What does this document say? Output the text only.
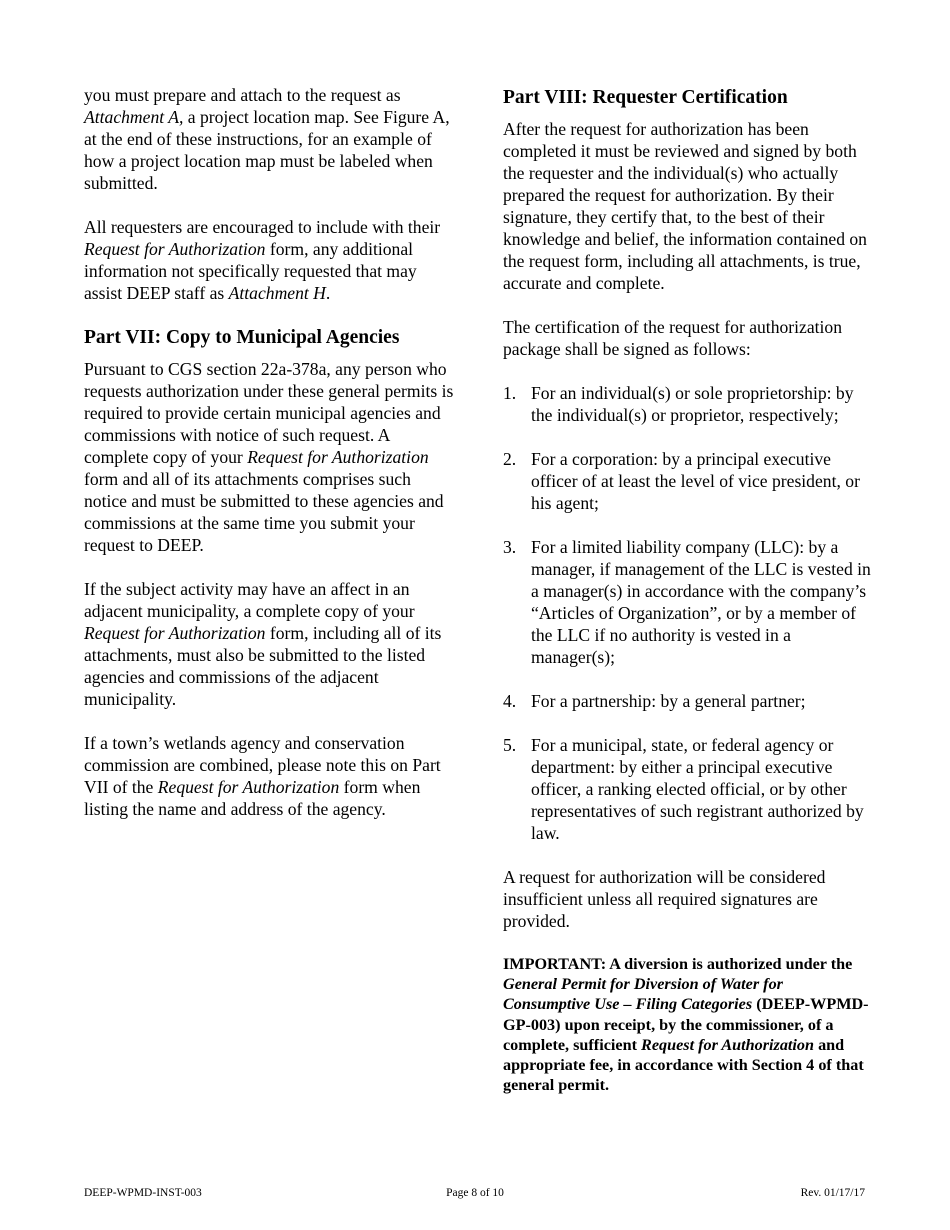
you must prepare and attach to the request as Attachment A, a project location map. See Figure A, at the end of these instructions, for an example of how a project location map must be labeled when submitted.

All requesters are encouraged to include with their Request for Authorization form, any additional information not specifically requested that may assist DEEP staff as Attachment H.

Part VII: Copy to Municipal Agencies

Pursuant to CGS section 22a-378a, any person who requests authorization under these general permits is required to provide certain municipal agencies and commissions with notice of such request. A complete copy of your Request for Authorization form and all of its attachments comprises such notice and must be submitted to these agencies and commissions at the same time you submit your request to DEEP.

If the subject activity may have an affect in an adjacent municipality, a complete copy of your Request for Authorization form, including all of its attachments, must also be submitted to the listed agencies and commissions of the adjacent municipality.

If a town’s wetlands agency and conservation commission are combined, please note this on Part VII of the Request for Authorization form when listing the name and address of the agency.

Part VIII: Requester Certification

After the request for authorization has been completed it must be reviewed and signed by both the requester and the individual(s) who actually prepared the request for authorization. By their signature, they certify that, to the best of their knowledge and belief, the information contained on the request form, including all attachments, is true, accurate and complete.

The certification of the request for authorization package shall be signed as follows:

1. For an individual(s) or sole proprietorship: by the individual(s) or proprietor, respectively;
2. For a corporation: by a principal executive officer of at least the level of vice president, or his agent;
3. For a limited liability company (LLC): by a manager, if management of the LLC is vested in a manager(s) in accordance with the company’s “Articles of Organization”, or by a member of the LLC if no authority is vested in a manager(s);
4. For a partnership: by a general partner;
5. For a municipal, state, or federal agency or department: by either a principal executive officer, a ranking elected official, or by other representatives of such registrant authorized by law.

A request for authorization will be considered insufficient unless all required signatures are provided.

IMPORTANT: A diversion is authorized under the General Permit for Diversion of Water for Consumptive Use – Filing Categories (DEEP-WPMD-GP-003) upon receipt, by the commissioner, of a complete, sufficient Request for Authorization and appropriate fee, in accordance with Section 4 of that general permit.

DEEP-WPMD-INST-003	Page 8 of 10	Rev. 01/17/17
